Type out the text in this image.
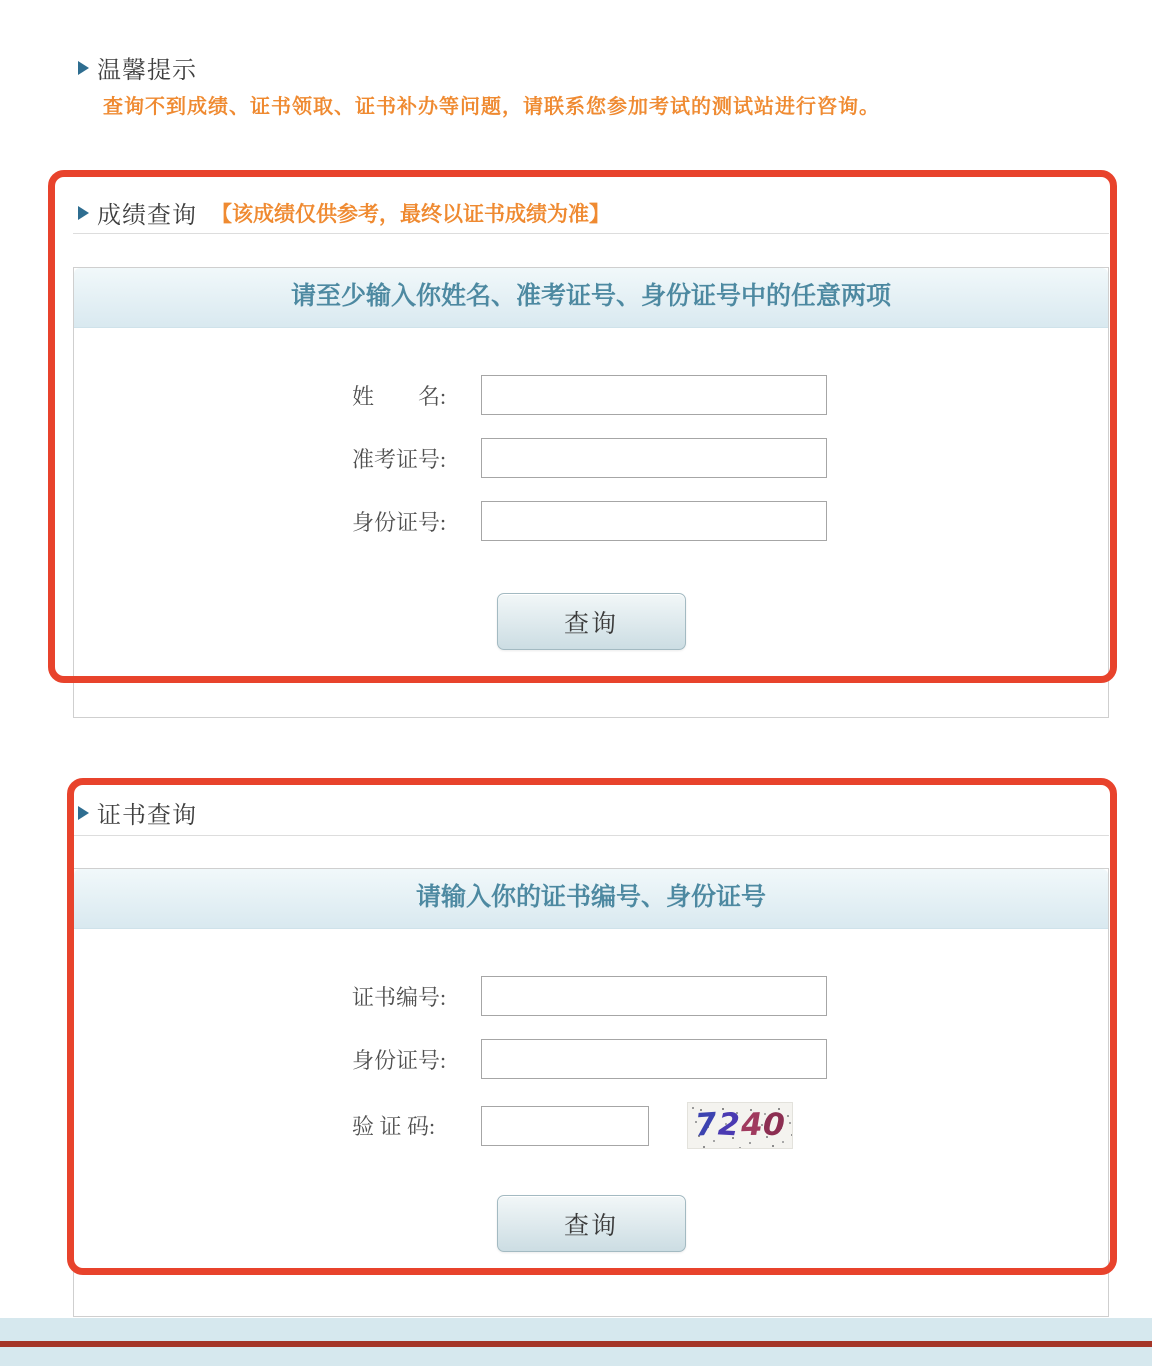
温馨提示
查询不到成绩、证书领取、证书补办等问题，请联系您参加考试的测试站进行咨询。
成绩查询 【该成绩仅供参考，最终以证书成绩为准】
请至少输入你姓名、准考证号、身份证号中的任意两项
姓　　名:
准考证号:
身份证号:
查询
证书查询
请输入你的证书编号、身份证号
证书编号:
身份证号:
验 证 码:	7
2 4 0
查询
